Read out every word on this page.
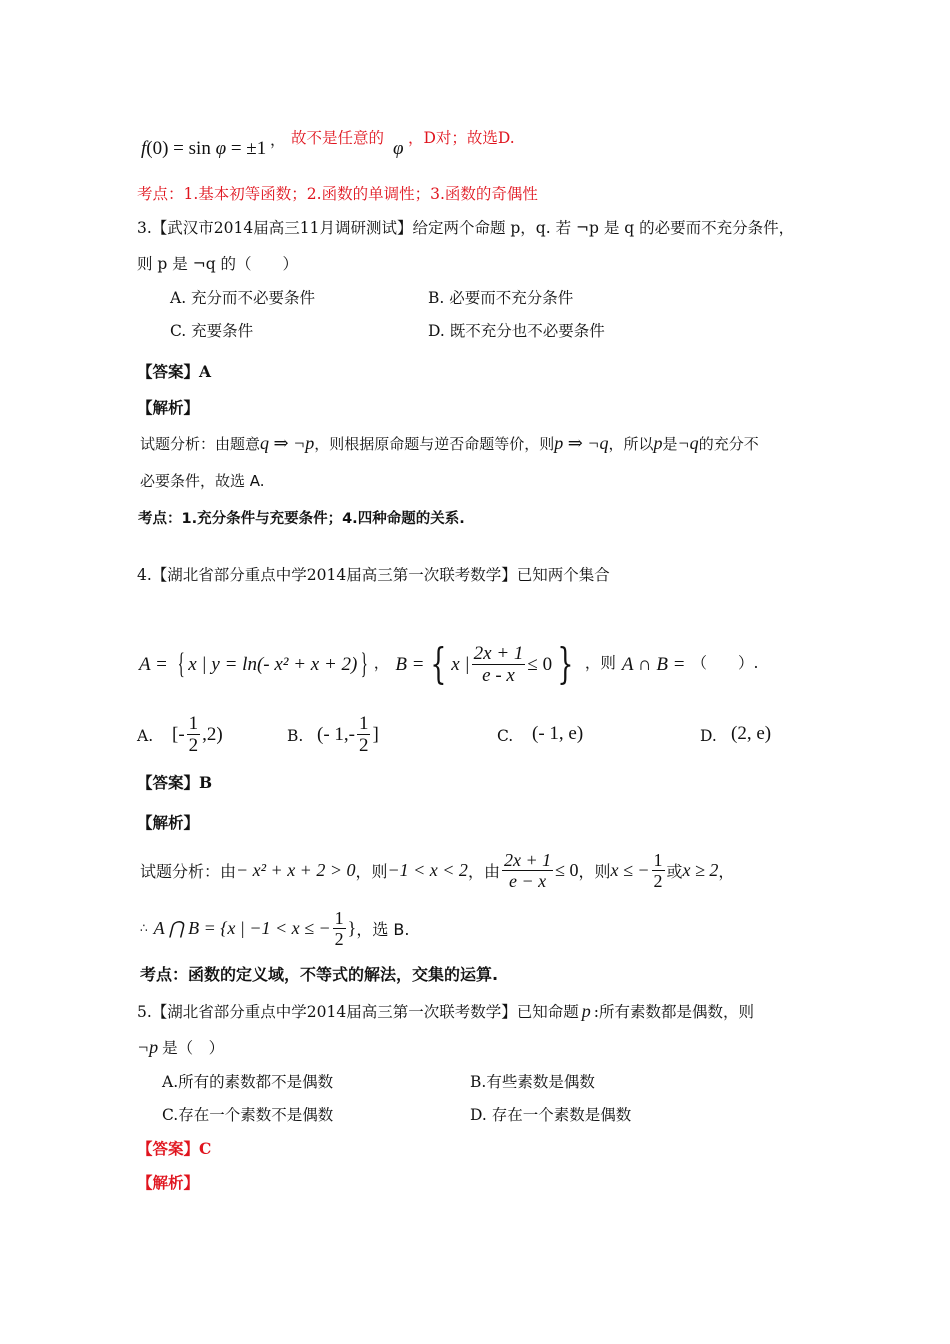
f(0) = sin φ = ±1 ， 故不是任意的 φ ，D对；故选D.
考点：1.基本初等函数；2.函数的单调性；3.函数的奇偶性
3.【武汉市2014届高三11月调研测试】给定两个命题 p，q. 若 ¬p 是 q 的必要而不充分条件，
则 p 是 ¬q 的（　　）
A. 充分而不必要条件	B. 必要而不充分条件
C. 充要条件	D. 既不充分也不必要条件
【答案】A
【解析】
试题分析：由题意q ⇒ ¬p，则根据原命题与逆否命题等价，则p ⇒ ¬q，所以p是¬q的充分不
必要条件，故选 A.
考点：1.充分条件与充要条件；4.四种命题的关系.
4.【湖北省部分重点中学2014届高三第一次联考数学】已知两个集合
A = { x | y = ln(- x² + x + 2) } ， B = { x | $\frac{2x + 1}{e - x} \le 0$ } ，则 A ∩ B = （　　）.
A. [- $\frac{1}{2} ,2$)	B. (- $1,- \frac{1}{2}$ ]	C. (- 1, e)	D. (2, e)
【答案】B
【解析】
试题分析：由 − x² + x + 2 > 0 ，则 −1 < x < 2 ，由 $\frac{2x + 1}{e - x} \le 0$ ，则 x ≤ − $\frac{1}{2}$ 或 x ≥ 2 ，
∴ A ⋂ B = {x | −1 < x ≤ − $\frac{1}{2}$ } ，选 B.
考点：函数的定义域，不等式的解法，交集的运算.
5.【湖北省部分重点中学2014届高三第一次联考数学】已知命题 p :所有素数都是偶数，则
¬p 是（　）
A.所有的素数都不是偶数	B.有些素数是偶数
C.存在一个素数不是偶数	D. 存在一个素数是偶数
【答案】C
【解析】
